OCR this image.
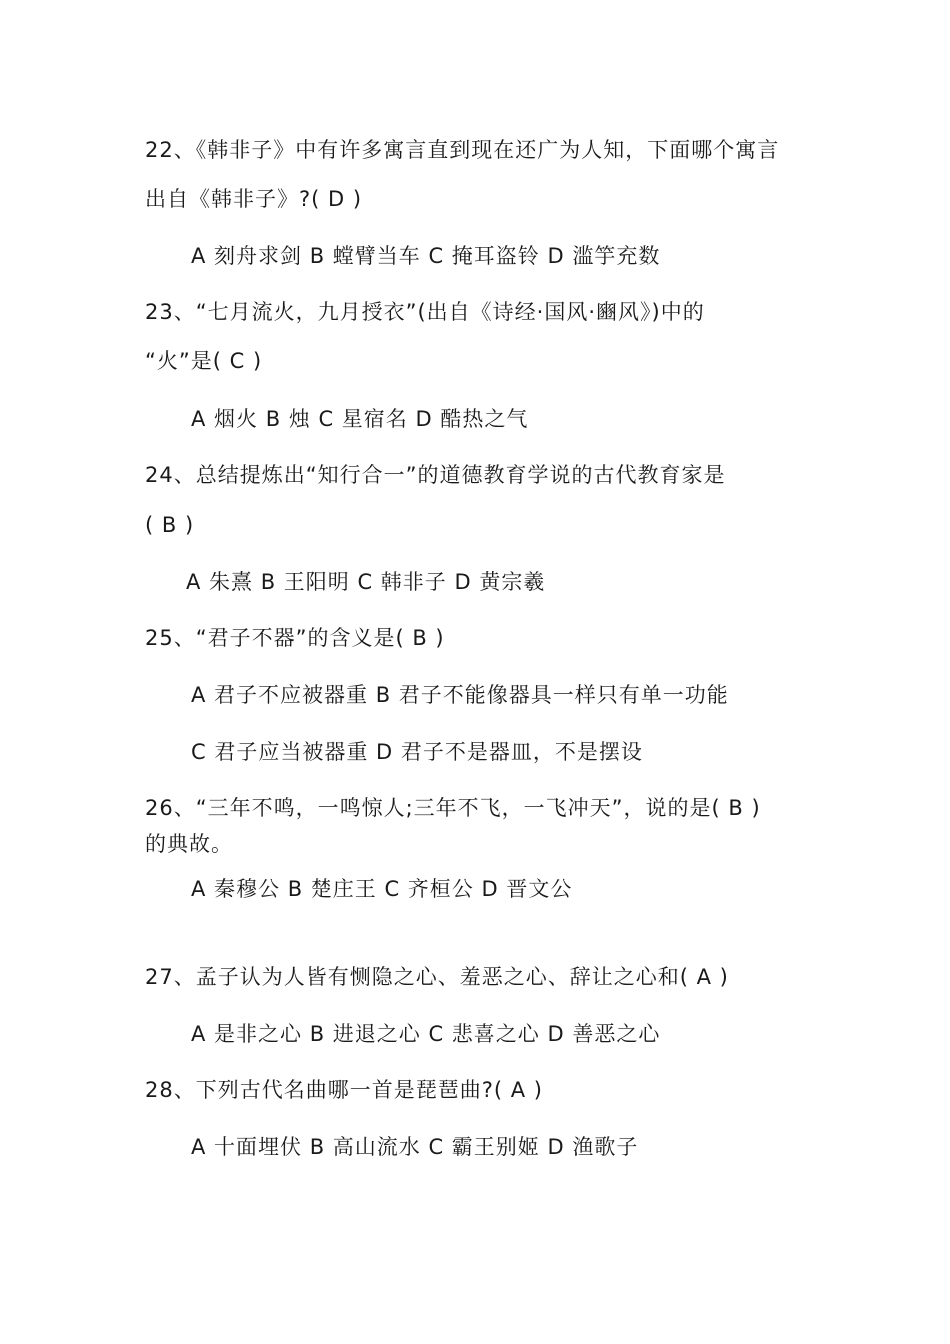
22、《韩非子》中有许多寓言直到现在还广为人知，下面哪个寓言
出自《韩非子》?( D )
A 刻舟求剑 B 螳臂当车 C 掩耳盗铃 D 滥竽充数
23、“七月流火，九月授衣”(出自《诗经·国风·豳风》)中的
“火”是( C )
A 烟火 B 烛 C 星宿名 D 酷热之气
24、总结提炼出“知行合一”的道德教育学说的古代教育家是
( B )
A 朱熹 B 王阳明 C 韩非子 D 黄宗羲
25、“君子不器”的含义是( B )
A 君子不应被器重 B 君子不能像器具一样只有单一功能
C 君子应当被器重 D 君子不是器皿，不是摆设
26、“三年不鸣，一鸣惊人;三年不飞，一飞冲天”，说的是( B )
的典故。
A 秦穆公 B 楚庄王 C 齐桓公 D 晋文公
27、孟子认为人皆有恻隐之心、羞恶之心、辞让之心和( A )
A 是非之心 B 进退之心 C 悲喜之心 D 善恶之心
28、下列古代名曲哪一首是琵琶曲?( A )
A 十面埋伏 B 高山流水 C 霸王别姬 D 渔歌子
